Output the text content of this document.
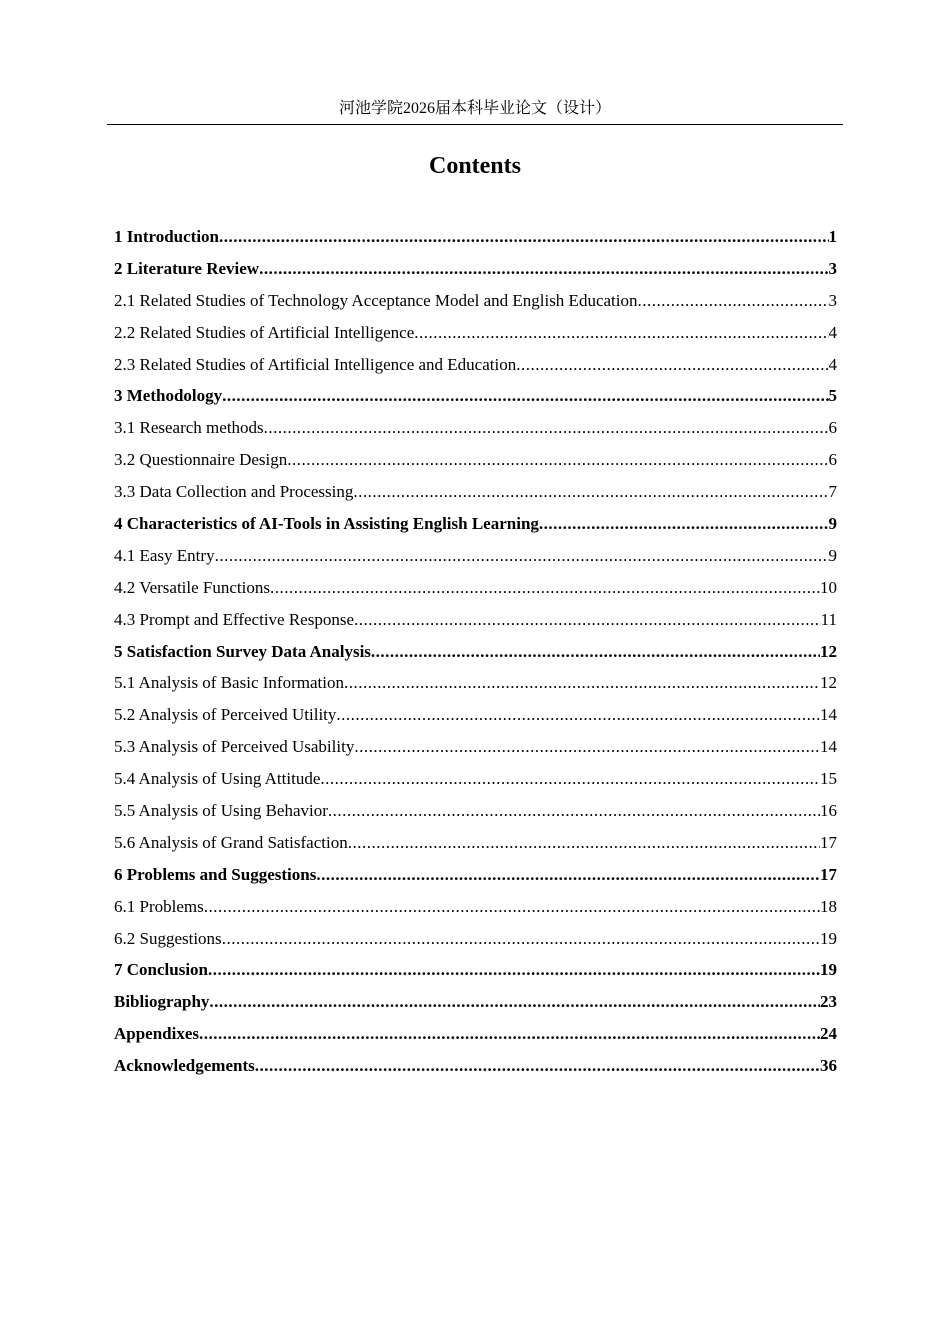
河池学院2026届本科毕业论文（设计）
Contents
1 Introduction .....	1
2 Literature Review .....	3
2.1 Related Studies of Technology Acceptance Model and English Education .....	3
2.2 Related Studies of Artificial Intelligence .....	4
2.3 Related Studies of Artificial Intelligence and Education .....	4
3 Methodology .....	5
3.1 Research methods .....	6
3.2 Questionnaire Design .....	6
3.3 Data Collection and Processing .....	7
4 Characteristics of AI-Tools in Assisting English Learning .....	9
4.1 Easy Entry .....	9
4.2 Versatile Functions .....	10
4.3 Prompt and Effective Response .....	11
5 Satisfaction Survey Data Analysis .....	12
5.1 Analysis of Basic Information .....	12
5.2 Analysis of Perceived Utility .....	14
5.3 Analysis of Perceived Usability .....	14
5.4 Analysis of Using Attitude .....	15
5.5 Analysis of Using Behavior .....	16
5.6 Analysis of Grand Satisfaction .....	17
6 Problems and Suggestions .....	17
6.1 Problems .....	18
6.2 Suggestions .....	19
7 Conclusion .....	19
Bibliography .....	23
Appendixes .....	24
Acknowledgements .....	36
